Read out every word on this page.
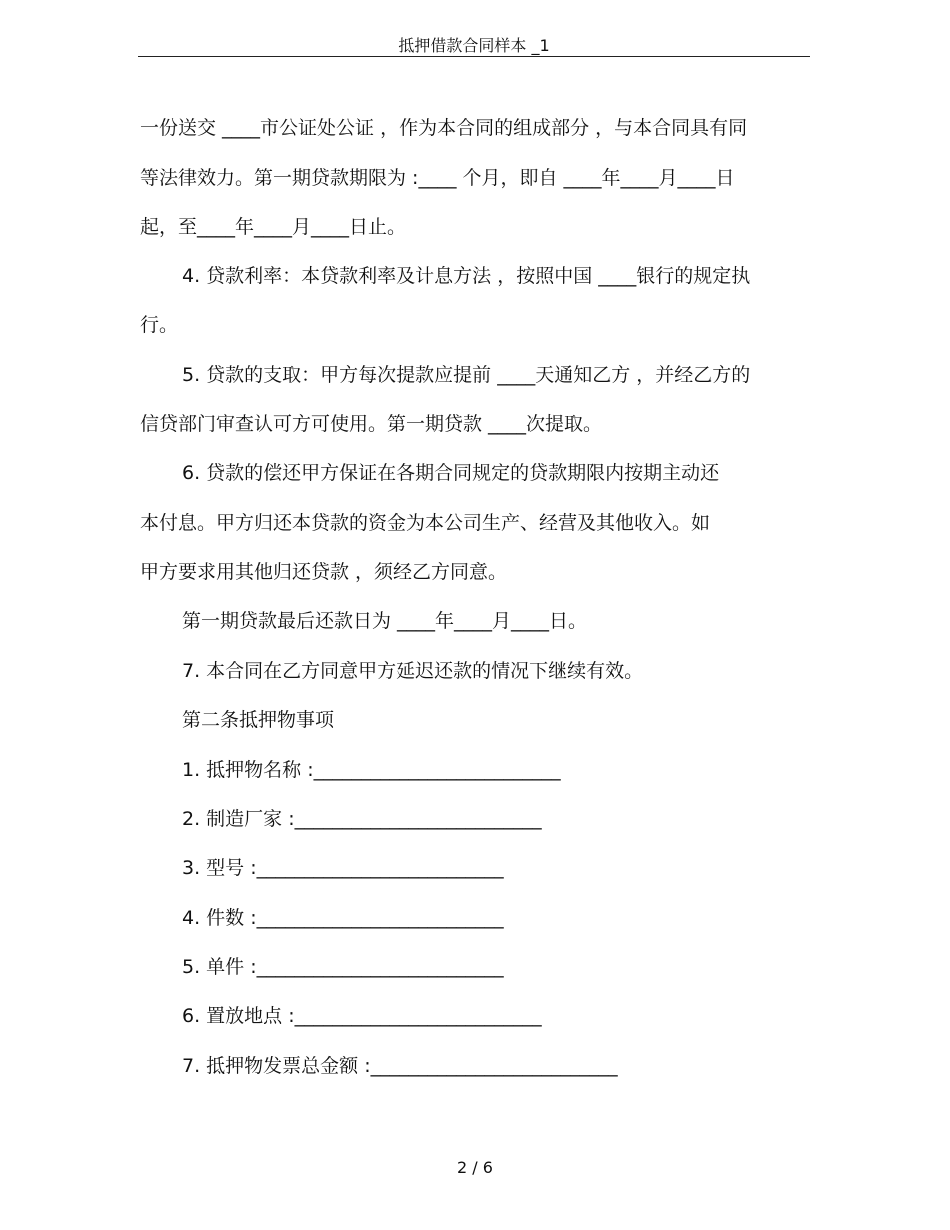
抵押借款合同样本 _1
一份送交 ____市公证处公证 ，作为本合同的组成部分 ，与本合同具有同
等法律效力。第一期贷款期限为 :____ 个月，即自 ____年____月____日
起，至____年____月____日止。
4. 贷款利率：本贷款利率及计息方法 ，按照中国 ____银行的规定执
行。
5. 贷款的支取：甲方每次提款应提前 ____天通知乙方 ，并经乙方的
信贷部门审查认可方可使用。第一期贷款 ____次提取。
6. 贷款的偿还甲方保证在各期合同规定的贷款期限内按期主动还
本付息。甲方归还本贷款的资金为本公司生产、经营及其他收入。如
甲方要求用其他归还贷款 ，须经乙方同意。
第一期贷款最后还款日为 ____年____月____日。
7. 本合同在乙方同意甲方延迟还款的情况下继续有效。
第二条抵押物事项
1. 抵押物名称 :__________________________
2. 制造厂家 :__________________________
3. 型号 :__________________________
4. 件数 :__________________________
5. 单件 :__________________________
6. 置放地点 :__________________________
7. 抵押物发票总金额 :__________________________
2 / 6
